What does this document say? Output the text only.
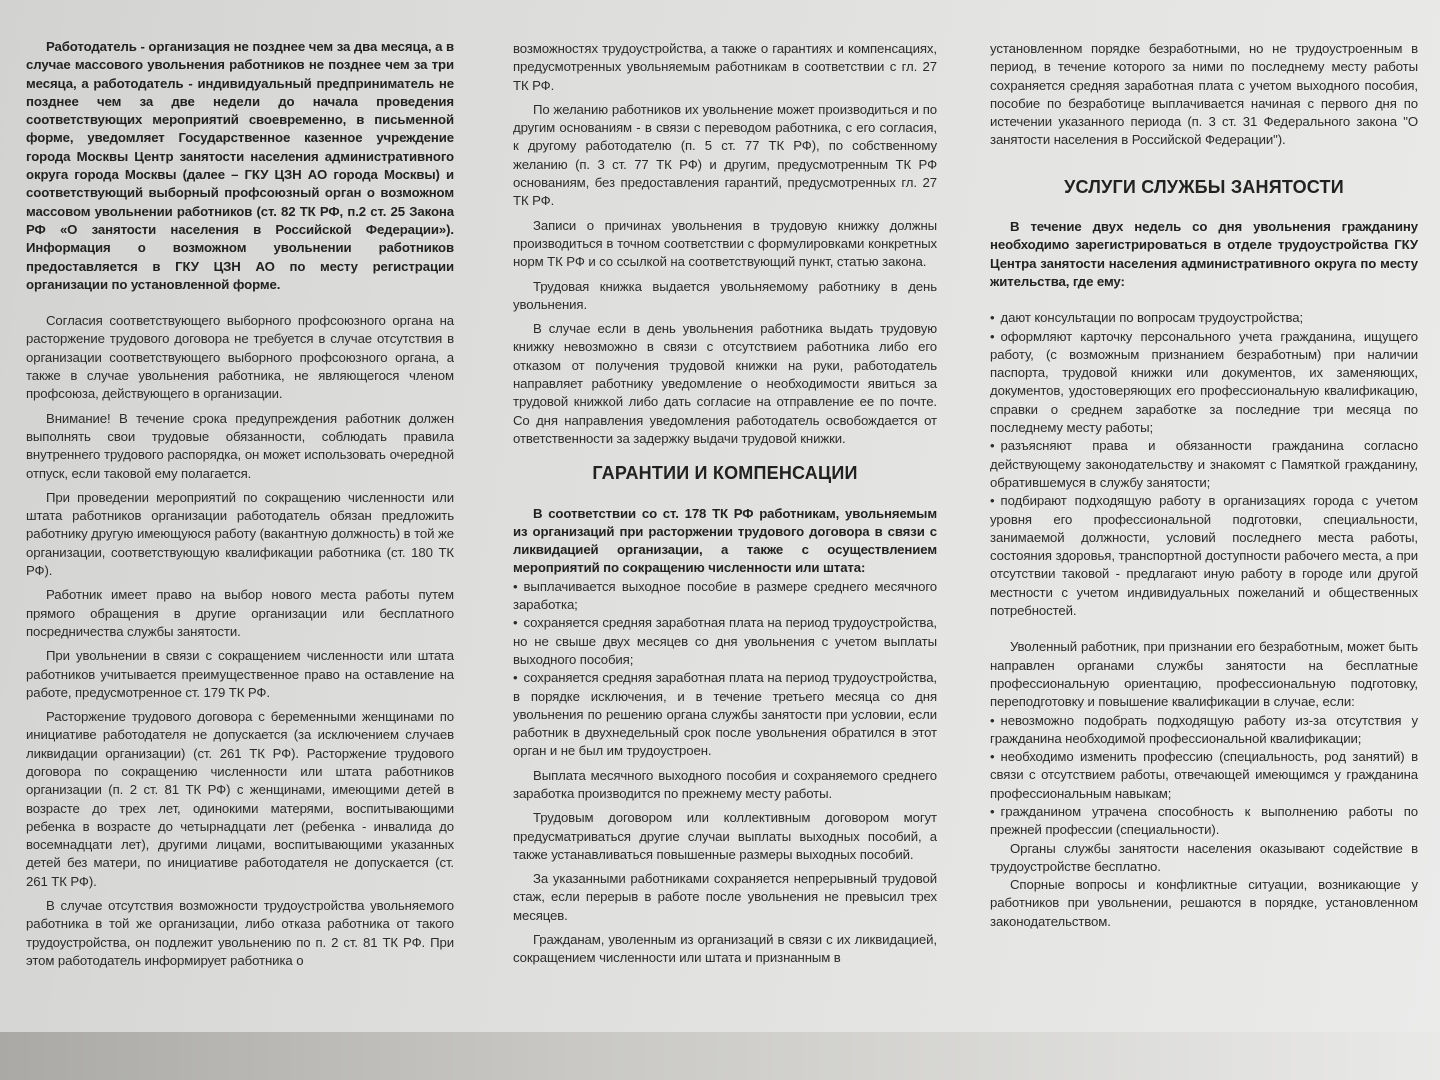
Работодатель - организация не позднее чем за два месяца, а в случае массового увольнения работников не позднее чем за три месяца, а работодатель - индивидуальный предприниматель не позднее чем за две недели до начала проведения соответствующих мероприятий своевременно, в письменной форме, уведомляет Государственное казенное учреждение города Москвы Центр занятости населения административного округа города Москвы (далее – ГКУ ЦЗН АО города Москвы) и соответствующий выборный профсоюзный орган о возможном массовом увольнении работников (ст. 82 ТК РФ, п.2 ст. 25 Закона РФ «О занятости населения в Российской Федерации»). Информация о возможном увольнении работников предоставляется в ГКУ ЦЗН АО по месту регистрации организации по установленной форме.

Согласия соответствующего выборного профсоюзного органа на расторжение трудового договора не требуется в случае отсутствия в организации соответствующего выборного профсоюзного органа, а также в случае увольнения работника, не являющегося членом профсоюза, действующего в организации.

Внимание! В течение срока предупреждения работник должен выполнять свои трудовые обязанности, соблюдать правила внутреннего трудового распорядка, он может использовать очередной отпуск, если таковой ему полагается.

При проведении мероприятий по сокращению численности или штата работников организации работодатель обязан предложить работнику другую имеющуюся работу (вакантную должность) в той же организации, соответствующую квалификации работника (ст. 180 ТК РФ).

Работник имеет право на выбор нового места работы путем прямого обращения в другие организации или бесплатного посредничества службы занятости.

При увольнении в связи с сокращением численности или штата работников учитывается преимущественное право на оставление на работе, предусмотренное ст. 179 ТК РФ.

Расторжение трудового договора с беременными женщинами по инициативе работодателя не допускается (за исключением случаев ликвидации организации) (ст. 261 ТК РФ). Расторжение трудового договора по сокращению численности или штата работников организации (п. 2 ст. 81 ТК РФ) с женщинами, имеющими детей в возрасте до трех лет, одинокими матерями, воспитывающими ребенка в возрасте до четырнадцати лет (ребенка - инвалида до восемнадцати лет), другими лицами, воспитывающими указанных детей без матери, по инициативе работодателя не допускается (ст. 261 ТК РФ).

В случае отсутствия возможности трудоустройства увольняемого работника в той же организации, либо отказа работника от такого трудоустройства, он подлежит увольнению по п. 2 ст. 81 ТК РФ. При этом работодатель информирует работника о

возможностях трудоустройства, а также о гарантиях и компенсациях, предусмотренных увольняемым работникам в соответствии с гл. 27 ТК РФ.

По желанию работников их увольнение может производиться и по другим основаниям - в связи с переводом работника, с его согласия, к другому работодателю (п. 5 ст. 77 ТК РФ), по собственному желанию (п. 3 ст. 77 ТК РФ) и другим, предусмотренным ТК РФ основаниям, без предоставления гарантий, предусмотренных гл. 27 ТК РФ.

Записи о причинах увольнения в трудовую книжку должны производиться в точном соответствии с формулировками конкретных норм ТК РФ и со ссылкой на соответствующий пункт, статью закона.

Трудовая книжка выдается увольняемому работнику в день увольнения.

В случае если в день увольнения работника выдать трудовую книжку невозможно в связи с отсутствием работника либо его отказом от получения трудовой книжки на руки, работодатель направляет работнику уведомление о необходимости явиться за трудовой книжкой либо дать согласие на отправление ее по почте. Со дня направления уведомления работодатель освобождается от ответственности за задержку выдачи трудовой книжки.

ГАРАНТИИ И КОМПЕНСАЦИИ

В соответствии со ст. 178 ТК РФ работникам, увольняемым из организаций при расторжении трудового договора в связи с ликвидацией организации, а также с осуществлением мероприятий по сокращению численности или штата:

• выплачивается выходное пособие в размере среднего месячного заработка;

• сохраняется средняя заработная плата на период трудоустройства, но не свыше двух месяцев со дня увольнения с учетом выплаты выходного пособия;

• сохраняется средняя заработная плата на период трудоустройства, в порядке исключения, и в течение третьего месяца со дня увольнения по решению органа службы занятости при условии, если работник в двухнедельный срок после увольнения обратился в этот орган и не был им трудоустроен.

Выплата месячного выходного пособия и сохраняемого среднего заработка производится по прежнему месту работы.

Трудовым договором или коллективным договором могут предусматриваться другие случаи выплаты выходных пособий, а также устанавливаться повышенные размеры выходных пособий.

За указанными работниками сохраняется непрерывный трудовой стаж, если перерыв в работе после увольнения не превысил трех месяцев.

Гражданам, уволенным из организаций в связи с их ликвидацией, сокращением численности или штата и признанным в

установленном порядке безработными, но не трудоустроенным в период, в течение которого за ними по последнему месту работы сохраняется средняя заработная плата с учетом выходного пособия, пособие по безработице выплачивается начиная с первого дня по истечении указанного периода (п. 3 ст. 31 Федерального закона "О занятости населения в Российской Федерации").

УСЛУГИ СЛУЖБЫ ЗАНЯТОСТИ

В течение двух недель со дня увольнения гражданину необходимо зарегистрироваться в отделе трудоустройства ГКУ Центра занятости населения административного округа по месту жительства, где ему:

• дают консультации по вопросам трудоустройства;

• оформляют карточку персонального учета гражданина, ищущего работу, (с возможным признанием безработным) при наличии паспорта, трудовой книжки или документов, их заменяющих, документов, удостоверяющих его профессиональную квалификацию, справки о среднем заработке за последние три месяца по последнему месту работы;

• разъясняют права и обязанности гражданина согласно действующему законодательству и знакомят с Памяткой гражданину, обратившемуся в службу занятости;

• подбирают подходящую работу в организациях города с учетом уровня его профессиональной подготовки, специальности, занимаемой должности, условий последнего места работы, состояния здоровья, транспортной доступности рабочего места, а при отсутствии таковой - предлагают иную работу в городе или другой местности с учетом индивидуальных пожеланий и общественных потребностей.

Уволенный работник, при признании его безработным, может быть направлен органами службы занятости на бесплатные профессиональную ориентацию, профессиональную подготовку, переподготовку и повышение квалификации в случае, если:

• невозможно подобрать подходящую работу из-за отсутствия у гражданина необходимой профессиональной квалификации;

• необходимо изменить профессию (специальность, род занятий) в связи с отсутствием работы, отвечающей имеющимся у гражданина профессиональным навыкам;

• гражданином утрачена способность к выполнению работы по прежней профессии (специальности).

Органы службы занятости населения оказывают содействие в трудоустройстве бесплатно.

Спорные вопросы и конфликтные ситуации, возникающие у работников при увольнении, решаются в порядке, установленном законодательством.
